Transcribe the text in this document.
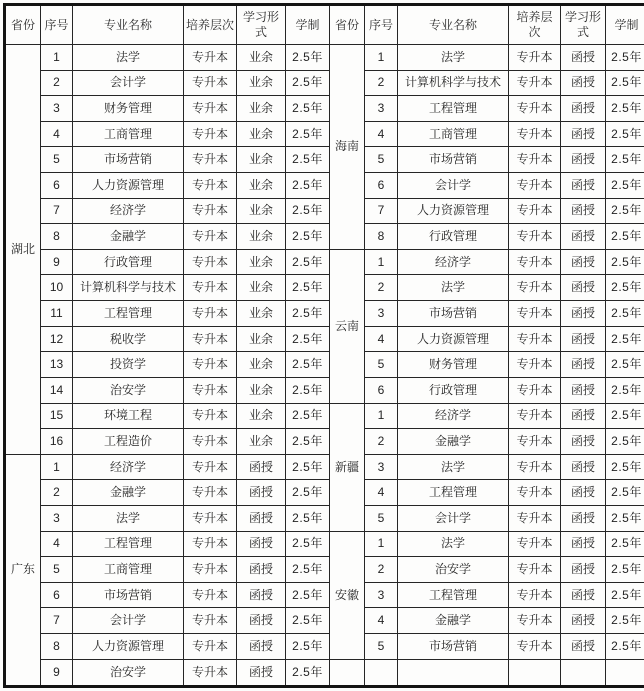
省份	序号	专业名称	培养层次	学习形式	学制	省份	序号	专业名称	培养层次	学习形式	学制
湖北	1	法学	专升本	业余	2.5年	海南	1	法学	专升本	函授	2.5年
	2	会计学	专升本	业余	2.5年		2	计算机科学与技术	专升本	函授	2.5年
	3	财务管理	专升本	业余	2.5年		3	工程管理	专升本	函授	2.5年
	4	工商管理	专升本	业余	2.5年		4	工商管理	专升本	函授	2.5年
	5	市场营销	专升本	业余	2.5年		5	市场营销	专升本	函授	2.5年
	6	人力资源管理	专升本	业余	2.5年		6	会计学	专升本	函授	2.5年
	7	经济学	专升本	业余	2.5年		7	人力资源管理	专升本	函授	2.5年
	8	金融学	专升本	业余	2.5年		8	行政管理	专升本	函授	2.5年
	9	行政管理	专升本	业余	2.5年	云南	1	经济学	专升本	函授	2.5年
	10	计算机科学与技术	专升本	业余	2.5年		2	法学	专升本	函授	2.5年
	11	工程管理	专升本	业余	2.5年		3	市场营销	专升本	函授	2.5年
	12	税收学	专升本	业余	2.5年		4	人力资源管理	专升本	函授	2.5年
	13	投资学	专升本	业余	2.5年		5	财务管理	专升本	函授	2.5年
	14	治安学	专升本	业余	2.5年		6	行政管理	专升本	函授	2.5年
	15	环境工程	专升本	业余	2.5年	新疆	1	经济学	专升本	函授	2.5年
	16	工程造价	专升本	业余	2.5年		2	金融学	专升本	函授	2.5年
广东	1	经济学	专升本	函授	2.5年		3	法学	专升本	函授	2.5年
	2	金融学	专升本	函授	2.5年		4	工程管理	专升本	函授	2.5年
	3	法学	专升本	函授	2.5年		5	会计学	专升本	函授	2.5年
	4	工程管理	专升本	函授	2.5年	安徽	1	法学	专升本	函授	2.5年
	5	工商管理	专升本	函授	2.5年		2	治安学	专升本	函授	2.5年
	6	市场营销	专升本	函授	2.5年		3	工程管理	专升本	函授	2.5年
	7	会计学	专升本	函授	2.5年		4	金融学	专升本	函授	2.5年
	8	人力资源管理	专升本	函授	2.5年		5	市场营销	专升本	函授	2.5年
	9	治安学	专升本	函授	2.5年						
